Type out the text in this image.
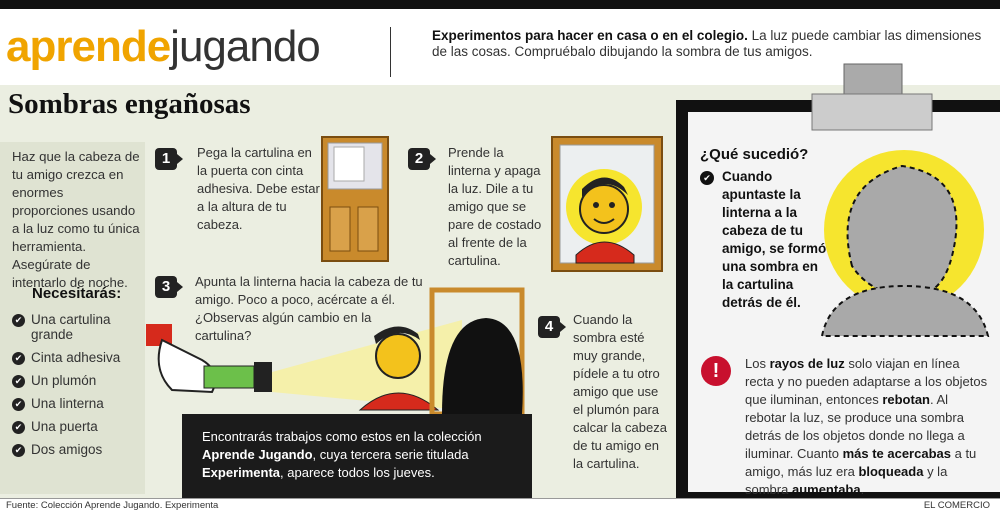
aprendejugando	Experimentos para hacer en casa o en el colegio. La luz puede cambiar las dimensiones de las cosas. Compruébalo dibujando la sombra de tus amigos.
Sombras engañosas
Haz que la cabeza de tu amigo crezca en enormes proporciones usando a la luz como tu única herramienta. Asegúrate de intentarlo de noche.
Necesitarás:
✔ Una cartulina grande
✔ Cinta adhesiva
✔ Un plumón
✔ Una linterna
✔ Una puerta
✔ Dos amigos
1	Pega la cartulina en la puerta con cinta adhesiva. Debe estar a la altura de tu cabeza.
2	Prende la linterna y apaga la luz. Dile a tu amigo que se pare de costado al frente de la cartulina.
3	Apunta la linterna hacia la cabeza de tu amigo. Poco a poco, acércate a él. ¿Observas algún cambio en la cartulina?
4	Cuando la sombra esté muy grande, pídele a tu otro amigo que use el plumón para calcar la cabeza de tu amigo en la cartulina.
Encontrarás trabajos como estos en la colección
Aprende Jugando, cuya tercera serie titulada
Experimenta, aparece todos los jueves.
¿Qué sucedió?
✔ Cuando apuntaste la linterna a la cabeza de tu amigo, se formó una sombra en la cartulina detrás de él.
!	Los rayos de luz solo viajan en línea recta y no pueden adaptarse a los objetos que iluminan, entonces rebotan. Al rebotar la luz, se produce una sombra detrás de los objetos donde no llega a iluminar. Cuanto más te acercabas a tu amigo, más luz era bloqueada y la sombra aumentaba.
Fuente: Colección Aprende Jugando. Experimenta	EL COMERCIO
